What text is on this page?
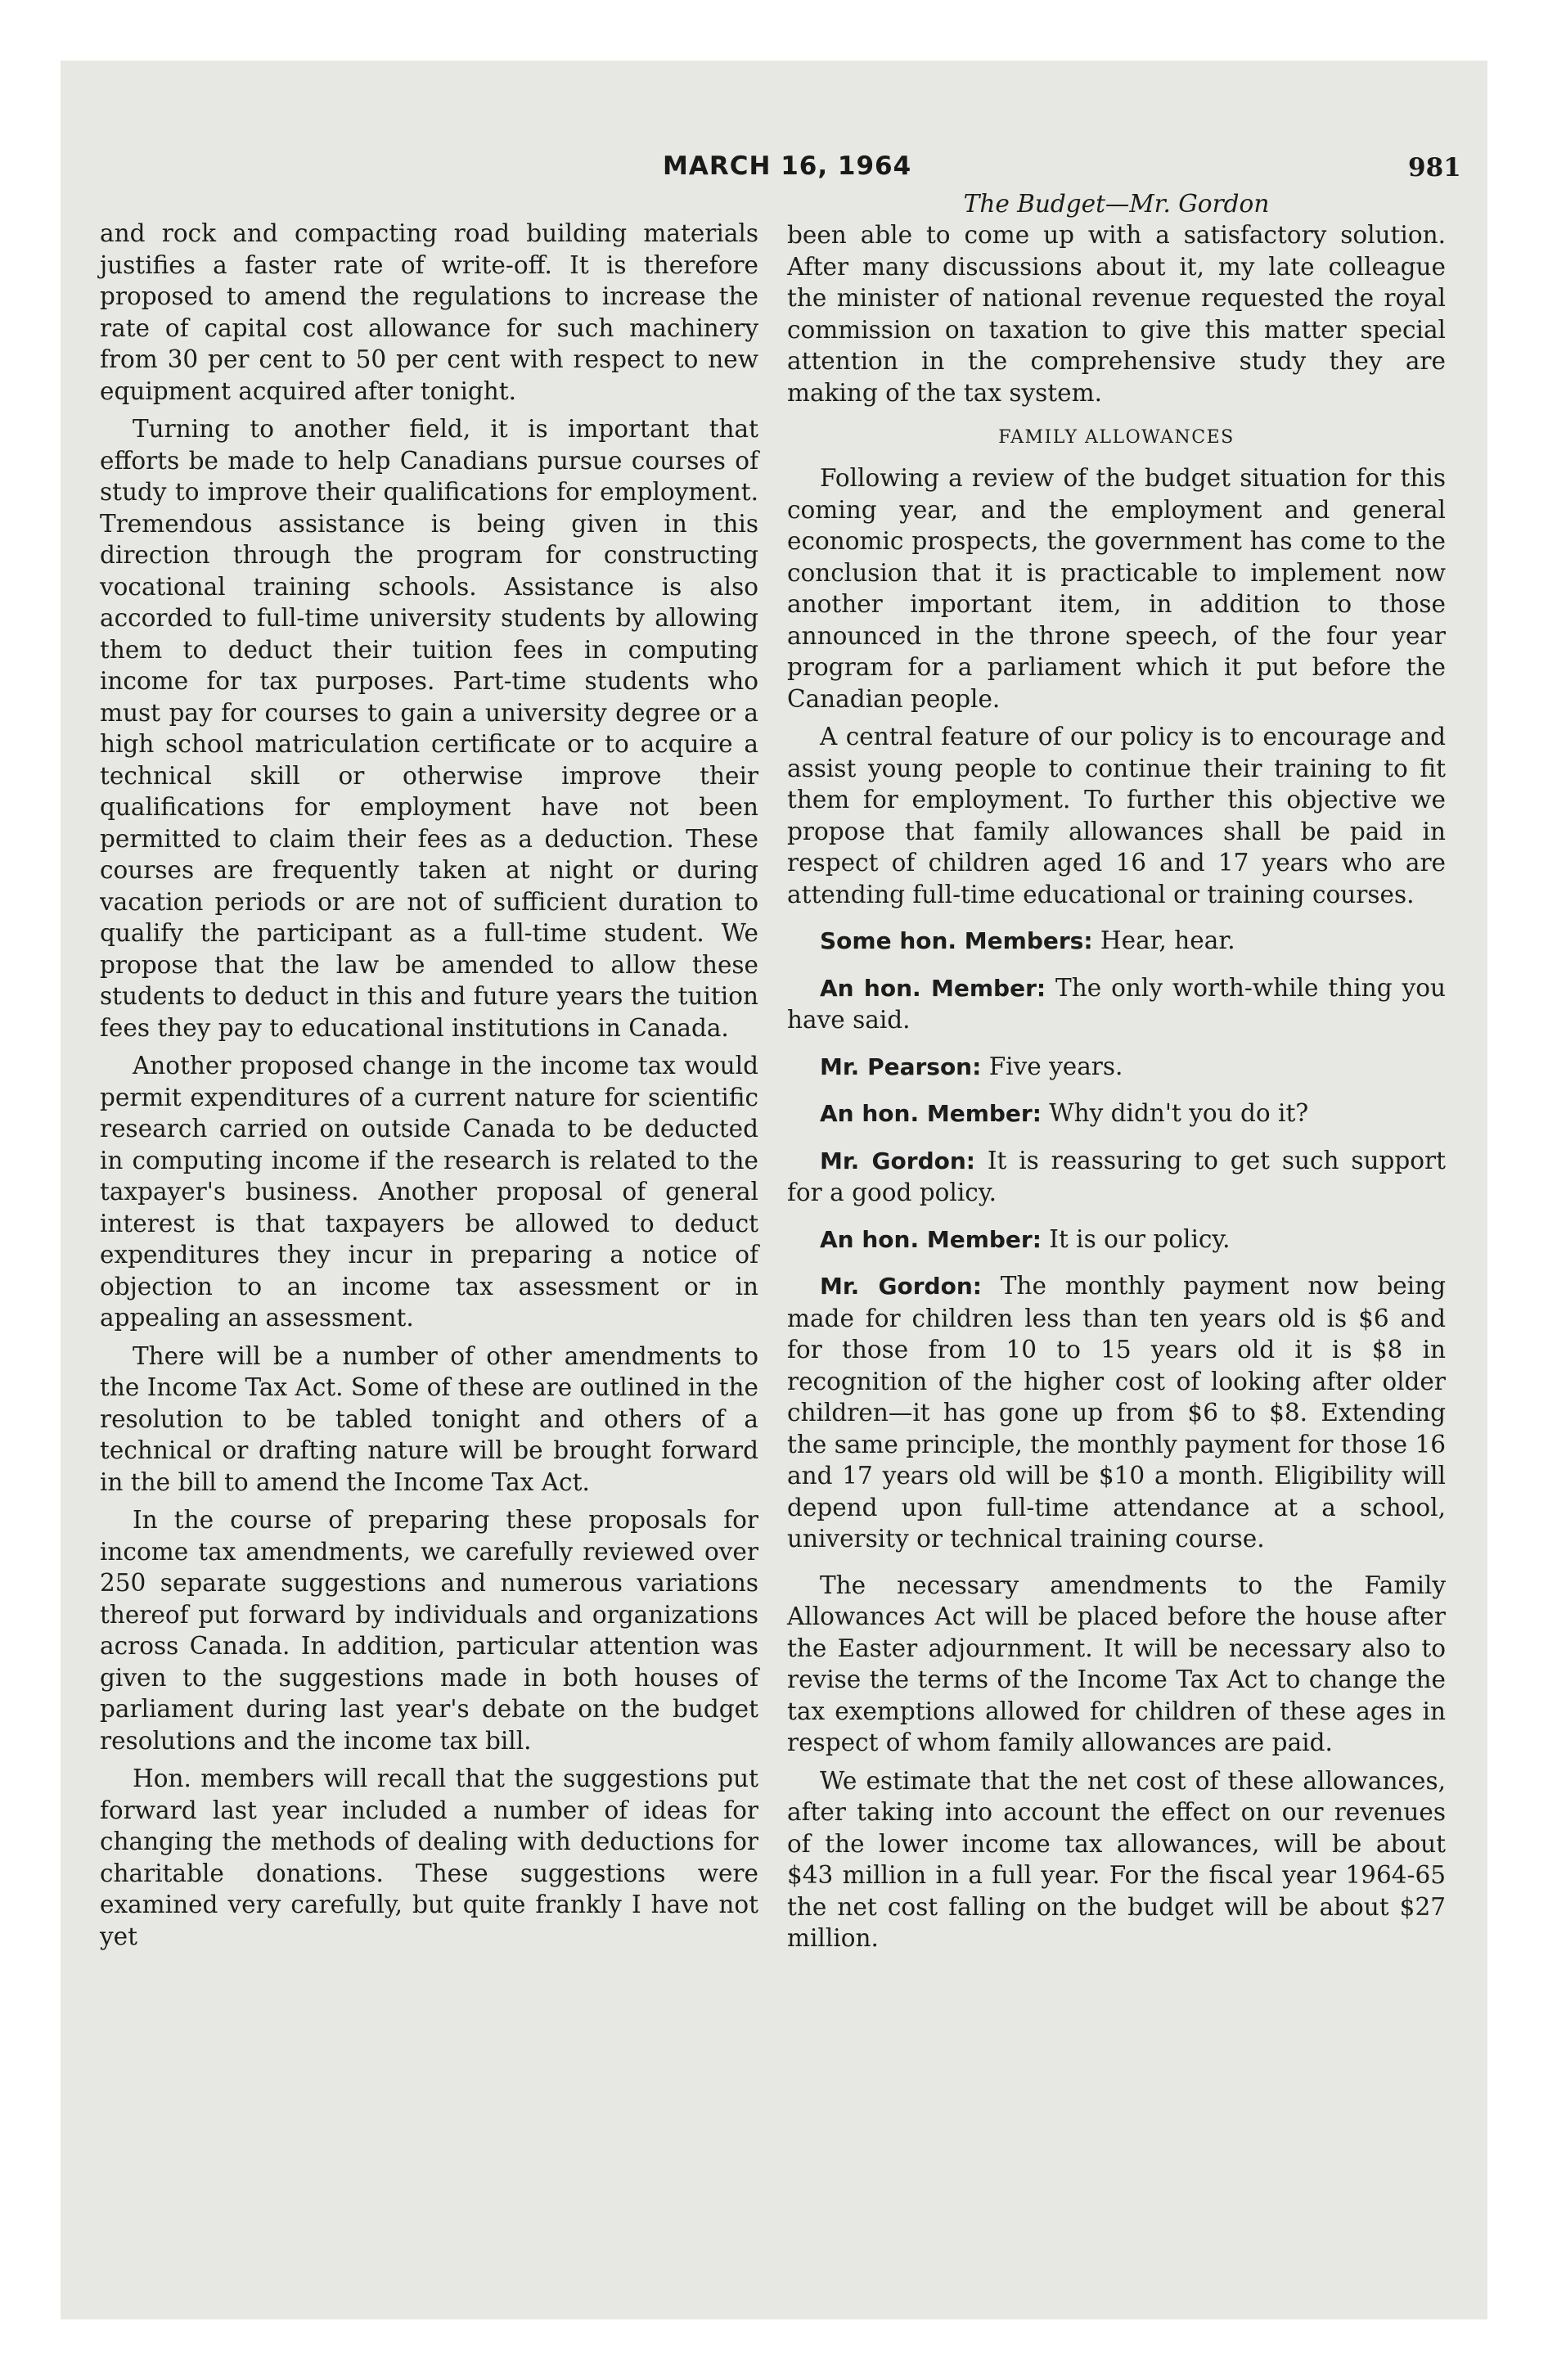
MARCH 16, 1964	981

and rock and compacting road building materials justifies a faster rate of write-off. It is therefore proposed to amend the regulations to increase the rate of capital cost allowance for such machinery from 30 per cent to 50 per cent with respect to new equipment acquired after tonight.

Turning to another field, it is important that efforts be made to help Canadians pursue courses of study to improve their qualifications for employment. Tremendous assistance is being given in this direction through the program for constructing vocational training schools. Assistance is also accorded to full-time university students by allowing them to deduct their tuition fees in computing income for tax purposes. Part-time students who must pay for courses to gain a university degree or a high school matriculation certificate or to acquire a technical skill or otherwise improve their qualifications for employment have not been permitted to claim their fees as a deduction. These courses are frequently taken at night or during vacation periods or are not of sufficient duration to qualify the participant as a full-time student. We propose that the law be amended to allow these students to deduct in this and future years the tuition fees they pay to educational institutions in Canada.

Another proposed change in the income tax would permit expenditures of a current nature for scientific research carried on outside Canada to be deducted in computing income if the research is related to the taxpayer's business. Another proposal of general interest is that taxpayers be allowed to deduct expenditures they incur in preparing a notice of objection to an income tax assessment or in appealing an assessment.

There will be a number of other amendments to the Income Tax Act. Some of these are outlined in the resolution to be tabled tonight and others of a technical or drafting nature will be brought forward in the bill to amend the Income Tax Act.

In the course of preparing these proposals for income tax amendments, we carefully reviewed over 250 separate suggestions and numerous variations thereof put forward by individuals and organizations across Canada. In addition, particular attention was given to the suggestions made in both houses of parliament during last year's debate on the budget resolutions and the income tax bill.

Hon. members will recall that the suggestions put forward last year included a number of ideas for changing the methods of dealing with deductions for charitable donations. These suggestions were examined very carefully, but quite frankly I have not yet

The Budget—Mr. Gordon

been able to come up with a satisfactory solution. After many discussions about it, my late colleague the minister of national revenue requested the royal commission on taxation to give this matter special attention in the comprehensive study they are making of the tax system.

FAMILY ALLOWANCES

Following a review of the budget situation for this coming year, and the employment and general economic prospects, the government has come to the conclusion that it is practicable to implement now another important item, in addition to those announced in the throne speech, of the four year program for a parliament which it put before the Canadian people.

A central feature of our policy is to encourage and assist young people to continue their training to fit them for employment. To further this objective we propose that family allowances shall be paid in respect of children aged 16 and 17 years who are attending full-time educational or training courses.

Some hon. Members: Hear, hear.

An hon. Member: The only worth-while thing you have said.

Mr. Pearson: Five years.

An hon. Member: Why didn't you do it?

Mr. Gordon: It is reassuring to get such support for a good policy.

An hon. Member: It is our policy.

Mr. Gordon: The monthly payment now being made for children less than ten years old is $6 and for those from 10 to 15 years old it is $8 in recognition of the higher cost of looking after older children—it has gone up from $6 to $8. Extending the same principle, the monthly payment for those 16 and 17 years old will be $10 a month. Eligibility will depend upon full-time attendance at a school, university or technical training course.

The necessary amendments to the Family Allowances Act will be placed before the house after the Easter adjournment. It will be necessary also to revise the terms of the Income Tax Act to change the tax exemptions allowed for children of these ages in respect of whom family allowances are paid.

We estimate that the net cost of these allowances, after taking into account the effect on our revenues of the lower income tax allowances, will be about $43 million in a full year. For the fiscal year 1964-65 the net cost falling on the budget will be about $27 million.
